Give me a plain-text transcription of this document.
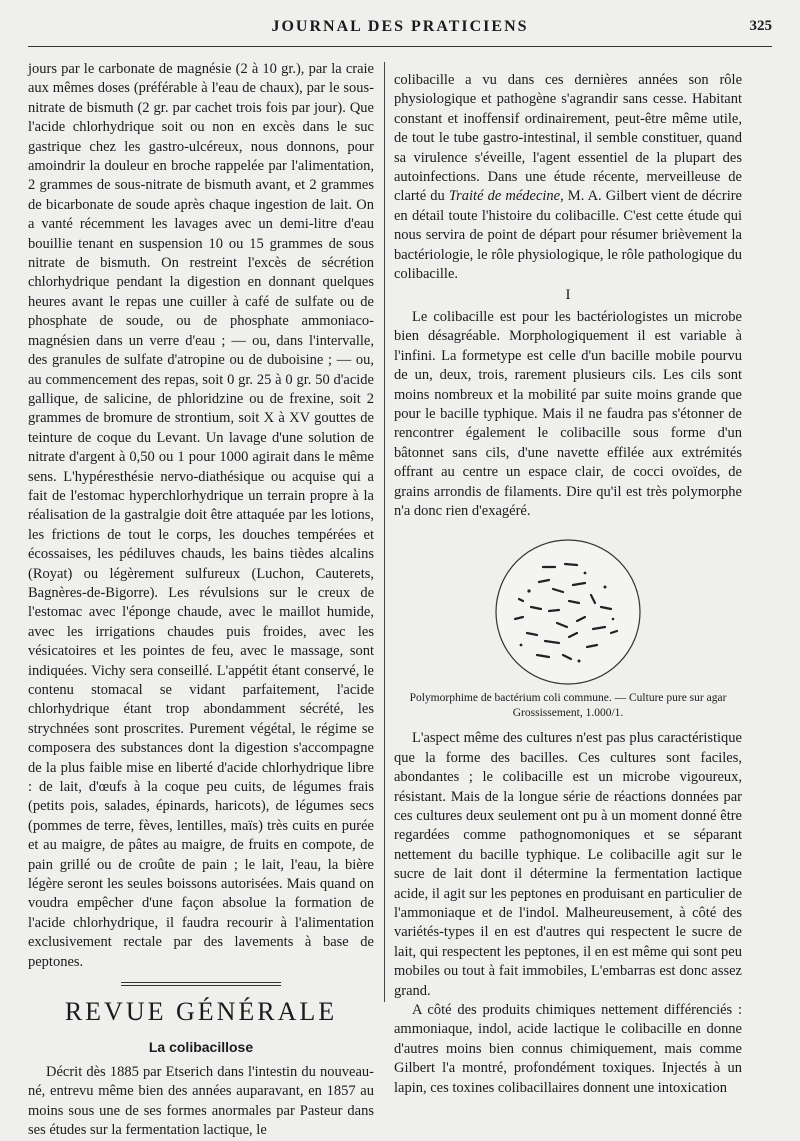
JOURNAL DES PRATICIENS	325

jours par le carbonate de magnésie (2 à 10 gr.), par la craie aux mêmes doses (préférable à l'eau de chaux), par le sous-nitrate de bismuth (2 gr. par cachet trois fois par jour). Que l'acide chlorhydrique soit ou non en excès dans le suc gastrique chez les gastro-ulcéreux, nous donnons, pour amoindrir la douleur en broche rappelée par l'alimentation, 2 grammes de sous-nitrate de bismuth avant, et 2 grammes de bicarbonate de soude après chaque ingestion de lait. On a vanté récemment les lavages avec un demi-litre d'eau bouillie tenant en suspension 10 ou 15 grammes de sous nitrate de bismuth. On restreint l'excès de sécrétion chlorhydrique pendant la digestion en donnant quelques heures avant le repas une cuiller à café de sulfate ou de phosphate de soude, ou de phosphate ammoniaco-magnésien dans un verre d'eau ; — ou, dans l'intervalle, des granules de sulfate d'atropine ou de duboisine ; — ou, au commencement des repas, soit 0 gr. 25 à 0 gr. 50 d'acide gallique, de salicine, de phloridzine ou de frexine, soit 2 grammes de bromure de strontium, soit X à XV gouttes de teinture de coque du Levant. Un lavage d'une solution de nitrate d'argent à 0,50 ou 1 pour 1000 agirait dans le même sens. L'hypéresthésie nervo-diathésique ou acquise qui a fait de l'estomac hyperchlorhydrique un terrain propre à la réalisation de la gastralgie doit être attaquée par les lotions, les frictions de tout le corps, les douches tempérées et écossaises, les pédiluves chauds, les bains tièdes alcalins (Royat) ou légèrement sulfureux (Luchon, Cauterets, Bagnères-de-Bigorre). Les révulsions sur le creux de l'estomac avec l'éponge chaude, avec le maillot humide, avec les irrigations chaudes puis froides, avec les vésicatoires et les pointes de feu, avec le massage, sont indiquées. Vichy sera conseillé. L'appétit étant conservé, le contenu stomacal se vidant parfaitement, l'acide chlorhydrique étant trop abondamment sécrété, les strychnées sont proscrites. Purement végétal, le régime se composera des substances dont la digestion s'accompagne de la plus faible mise en liberté d'acide chlorhydrique libre : de lait, d'œufs à la coque peu cuits, de légumes frais (petits pois, salades, épinards, haricots), de légumes secs (pommes de terre, fèves, lentilles, maïs) très cuits en purée et au maigre, de pâtes au maigre, de fruits en compote, de pain grillé ou de croûte de pain ; le lait, l'eau, la bière légère seront les seules boissons autorisées. Mais quand on voudra empêcher d'une façon absolue la formation de l'acide chlorhydrique, il faudra recourir à l'alimentation exclusivement rectale par des lavements à base de peptones.

REVUE GÉNÉRALE
La colibacillose

Décrit dès 1885 par Etserich dans l'intestin du nouveau-né, entrevu même bien des années auparavant, en 1857 au moins sous une de ses formes anormales par Pasteur dans ses études sur la fermentation lactique, le

colibacille a vu dans ces dernières années son rôle physiologique et pathogène s'agrandir sans cesse. Habitant constant et inoffensif ordinairement, peut-être même utile, de tout le tube gastro-intestinal, il semble constituer, quand sa virulence s'éveille, l'agent essentiel de la plupart des autoinfections. Dans une étude récente, merveilleuse de clarté du Traité de médecine, M. A. Gilbert vient de décrire en détail toute l'histoire du colibacille. C'est cette étude qui nous servira de point de départ pour résumer brièvement la bactériologie, le rôle physiologique, le rôle pathologique du colibacille.

I

Le colibacille est pour les bactériologistes un microbe bien désagréable. Morphologiquement il est variable à l'infini. La formetype est celle d'un bacille mobile pourvu de un, deux, trois, rarement plusieurs cils. Les cils sont moins nombreux et la mobilité par suite moins grande que pour le bacille typhique. Mais il ne faudra pas s'étonner de rencontrer également le colibacille sous forme d'un bâtonnet sans cils, d'une navette effilée aux extrémités offrant au centre un espace clair, de cocci ovoïdes, de grains arrondis de filaments. Dire qu'il est très polymorphe n'a donc rien d'exagéré.

Polymorphime de bactérium coli commune. — Culture pure sur agar
Grossissement, 1.000/1.

L'aspect même des cultures n'est pas plus caractéristique que la forme des bacilles. Ces cultures sont faciles, abondantes ; le colibacille est un microbe vigoureux, résistant. Mais de la longue série de réactions données par ces cultures deux seulement ont pu à un moment donné être regardées comme pathognomoniques et se séparant nettement du bacille typhique. Le colibacille agit sur le sucre de lait dont il détermine la fermentation lactique acide, il agit sur les peptones en produisant en particulier de l'ammoniaque et de l'indol. Malheureusement, à côté des variétés-types il en est d'autres qui respectent le sucre de lait, qui respectent les peptones, il en est même qui sont peu mobiles ou tout à fait immobiles, L'embarras est donc assez grand.

A côté des produits chimiques nettement différenciés : ammoniaque, indol, acide lactique le colibacille en donne d'autres moins bien connus chimiquement, mais comme Gilbert l'a montré, profondément toxiques. Injectés à un lapin, ces toxines colibacillaires donnent une intoxication
